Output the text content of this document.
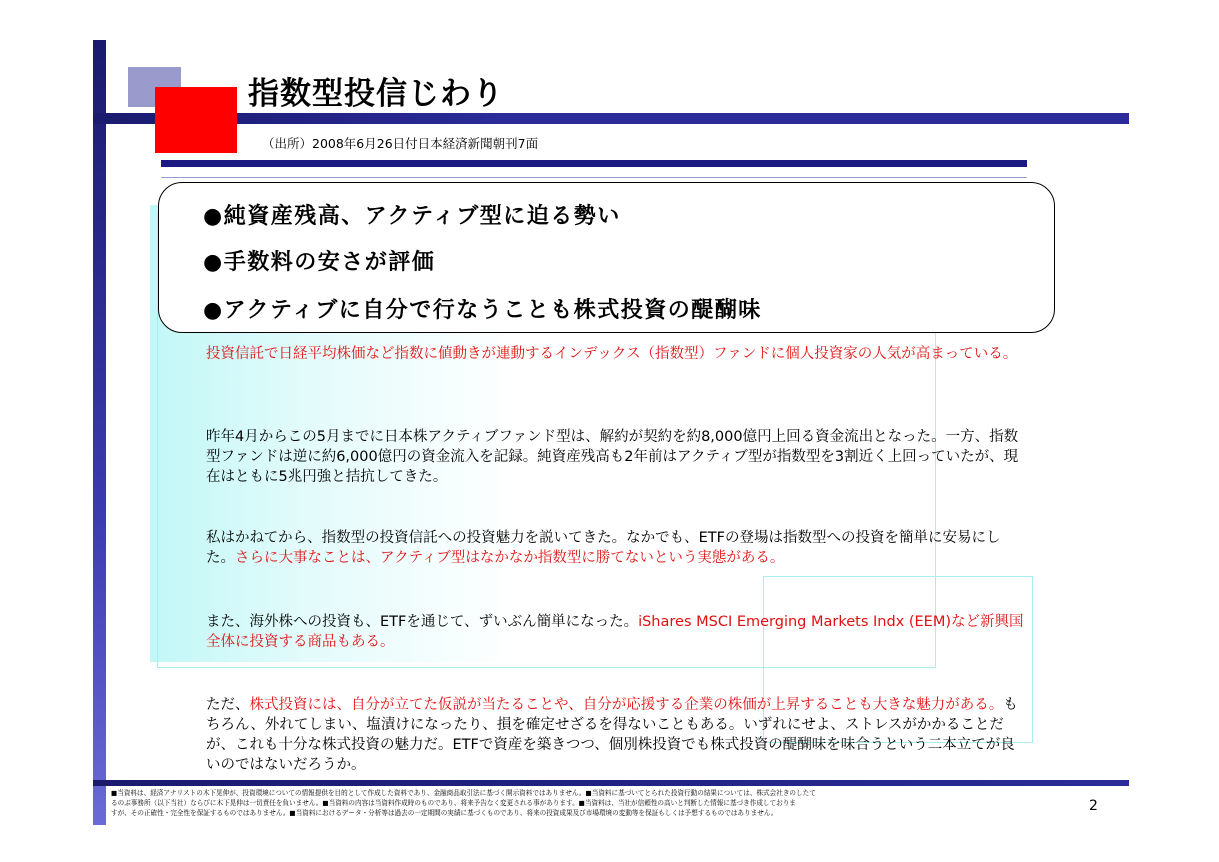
指数型投信じわり
（出所）2008年6月26日付日本経済新聞朝刊7面
●純資産残高、アクティブ型に迫る勢い
●手数料の安さが評価
●アクティブに自分で行なうことも株式投資の醍醐味
投資信託で日経平均株価など指数に値動きが連動するインデックス（指数型）ファンドに個人投資家の人気が高まっている。
昨年4月からこの5月までに日本株アクティブファンド型は、解約が契約を約8,000億円上回る資金流出となった。一方、指数型ファンドは逆に約6,000億円の資金流入を記録。純資産残高も2年前はアクティブ型が指数型を3割近く上回っていたが、現在はともに5兆円強と拮抗してきた。
私はかねてから、指数型の投資信託への投資魅力を説いてきた。なかでも、ETFの登場は指数型への投資を簡単に安易にした。さらに大事なことは、アクティブ型はなかなか指数型に勝てないという実態がある。
また、海外株への投資も、ETFを通じて、ずいぶん簡単になった。iShares MSCI Emerging Markets Indx (EEM)など新興国全体に投資する商品もある。
ただ、株式投資には、自分が立てた仮説が当たることや、自分が応援する企業の株価が上昇することも大きな魅力がある。もちろん、外れてしまい、塩漬けになったり、損を確定せざるを得ないこともある。いずれにせよ、ストレスがかかることだが、これも十分な株式投資の魅力だ。ETFで資産を築きつつ、個別株投資でも株式投資の醍醐味を味合うという二本立てが良いのではないだろうか。
■当資料は、経済アナリストの木下晃伸が、投資環境についての情報提供を目的として作成した資料であり、金融商品取引法に基づく開示資料ではありません。■当資料に基づいてとられた投資行動の結果については、株式会社きのしたて
るのぶ事務所（以下当社）ならびに木下晃伸は一切責任を負いません。■当資料の内容は当資料作成時のものであり、将来予告なく変更される事があります。■当資料は、当社が信頼性の高いと判断した情報に基づき作成しておりま
すが、その正確性・完全性を保証するものではありません。■当資料におけるデータ・分析等は過去の一定期間の実績に基づくものであり、将来の投資成果及び市場環境の変動等を保証もしくは予想するものではありません。	2
